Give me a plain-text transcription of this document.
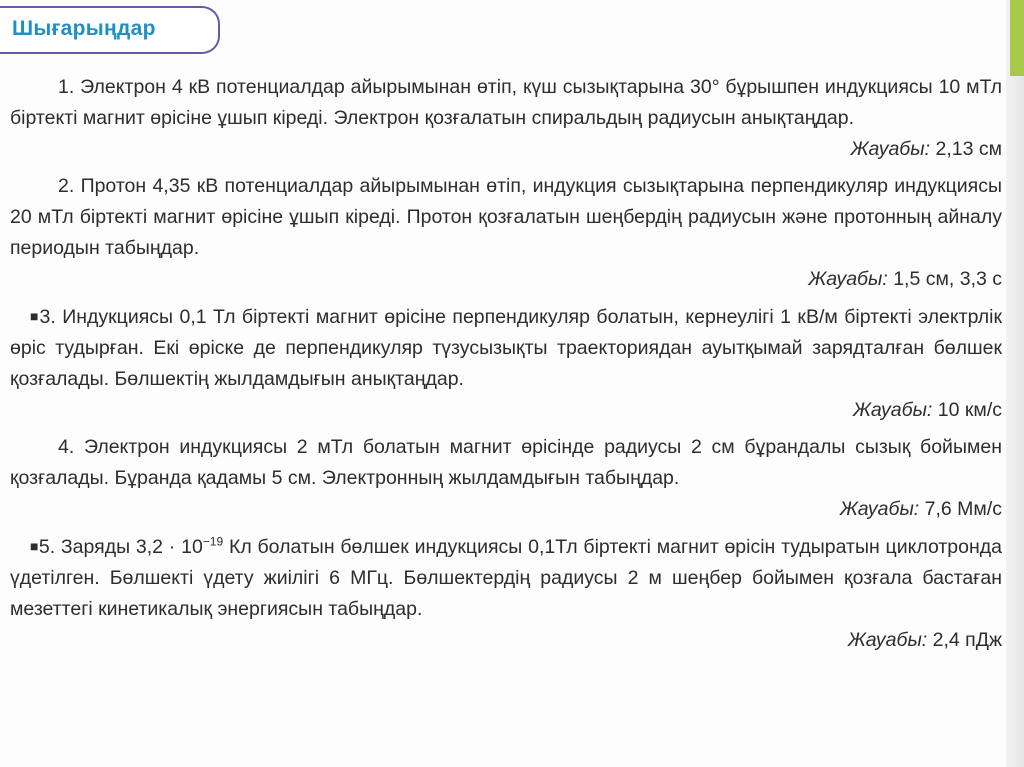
Шығарыңдар

1. Электрон 4 кВ потенциалдар айырымынан өтіп, күш сызықтарына 30° бұрышпен индукциясы 10 мТл біртекті магнит өрісіне ұшып кіреді. Электрон қозғалатын спиральдың радиусын анықтаңдар.

Жауабы: 2,13 см

2. Протон 4,35 кВ потенциалдар айырымынан өтіп, индукция сызықтарына перпендикуляр индукциясы 20 мТл біртекті магнит өрісіне ұшып кіреді. Протон қозғалатын шеңбердің радиусын және протонның айналу периодын табыңдар.

Жауабы: 1,5 см, 3,3 с

■3. Индукциясы 0,1 Тл біртекті магнит өрісіне перпендикуляр болатын, кернеулігі 1 кВ/м біртекті электрлік өріс тудырған. Екі өріске де перпендикуляр түзусызықты траекториядан ауытқымай зарядталған бөлшек қозғалады. Бөлшектің жылдамдығын анықтаңдар.

Жауабы: 10 км/с

4. Электрон индукциясы 2 мТл болатын магнит өрісінде радиусы 2 см бұрандалы сызық бойымен қозғалады. Бұранда қадамы 5 см. Электронның жылдамдығын табыңдар.

Жауабы: 7,6 Мм/с

■5. Заряды $3,2 \cdot 10^{-19}$ Кл болатын бөлшек индукциясы 0,1Тл біртекті магнит өрісін тудыратын циклотронда үдетілген. Бөлшекті үдету жиілігі 6 МГц. Бөлшектердің радиусы 2 м шеңбер бойымен қозғала бастаған мезеттегі кинетикалық энергиясын табыңдар.

Жауабы: 2,4 пДж
